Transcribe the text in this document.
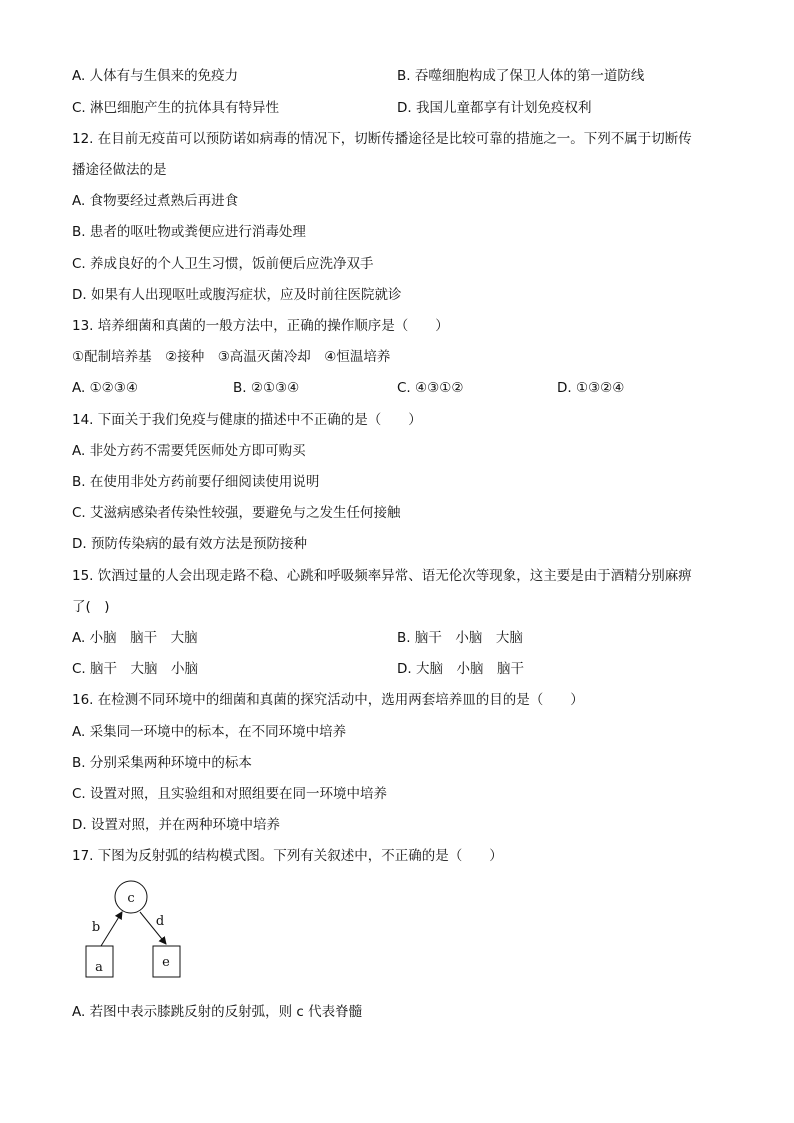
A. 人体有与生俱来的免疫力	B. 吞噬细胞构成了保卫人体的第一道防线
C. 淋巴细胞产生的抗体具有特异性	D. 我国儿童都享有计划免疫权利
12. 在目前无疫苗可以预防诺如病毒的情况下，切断传播途径是比较可靠的措施之一。下列不属于切断传
播途径做法的是
A. 食物要经过煮熟后再进食
B. 患者的呕吐物或粪便应进行消毒处理
C. 养成良好的个人卫生习惯，饭前便后应洗净双手
D. 如果有人出现呕吐或腹泻症状，应及时前往医院就诊
13. 培养细菌和真菌的一般方法中，正确的操作顺序是（　　）
①配制培养基　②接种　③高温灭菌冷却　④恒温培养
A. ①②③④	B. ②①③④	C. ④③①②	D. ①③②④
14. 下面关于我们免疫与健康的描述中不正确的是（　　）
A. 非处方药不需要凭医师处方即可购买
B. 在使用非处方药前要仔细阅读使用说明
C. 艾滋病感染者传染性较强，要避免与之发生任何接触
D. 预防传染病的最有效方法是预防接种
15. 饮酒过量的人会出现走路不稳、心跳和呼吸频率异常、语无伦次等现象，这主要是由于酒精分别麻痹
了(　)
A. 小脑　脑干　大脑	B. 脑干　小脑　大脑
C. 脑干　大脑　小脑	D. 大脑　小脑　脑干
16. 在检测不同环境中的细菌和真菌的探究活动中，选用两套培养皿的目的是（　　）
A. 采集同一环境中的标本，在不同环境中培养
B. 分别采集两种环境中的标本
C. 设置对照，且实验组和对照组要在同一环境中培养
D. 设置对照，并在两种环境中培养
17. 下图为反射弧的结构模式图。下列有关叙述中，不正确的是（　　）
c
a	e
b	d
A. 若图中表示膝跳反射的反射弧，则 c 代表脊髓
